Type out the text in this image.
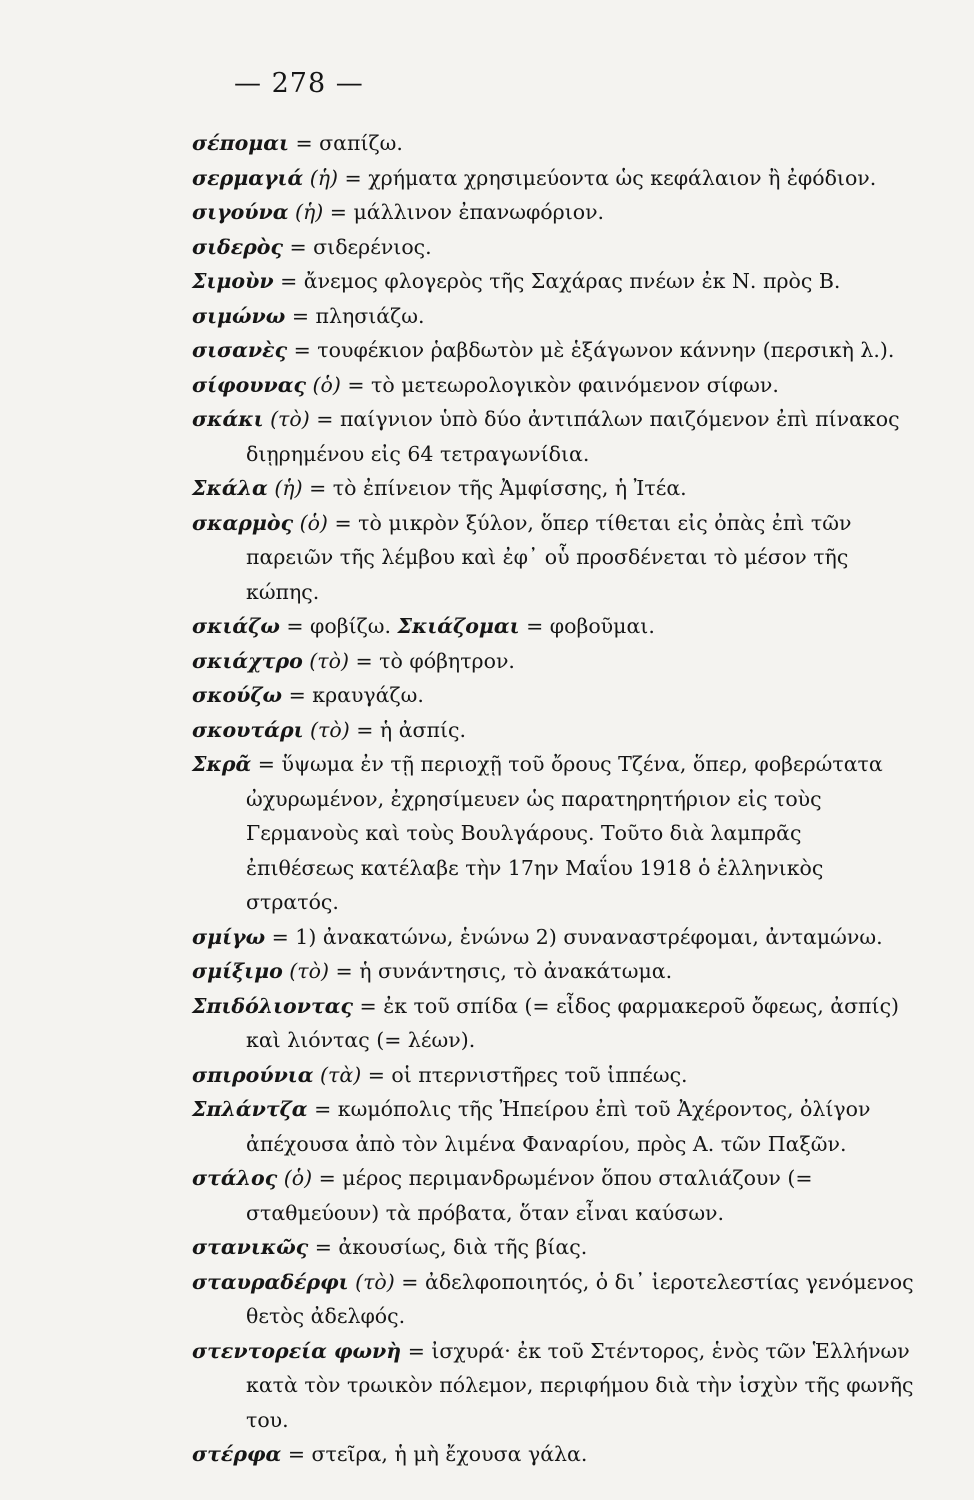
— 278 —
σέπομαι = σαπίζω.
σερμαγιά (ἡ) = χρήματα χρησιμεύοντα ὡς κεφάλαιον ἢ ἐφόδιον.
σιγούνα (ἡ) = μάλλινον ἐπανωφόριον.
σιδερὸς = σιδερένιος.
Σιμοὺν = ἄνεμος φλογερὸς τῆς Σαχάρας πνέων ἐκ Ν. πρὸς Β.
σιμώνω = πλησιάζω.
σισανὲς = τουφέκιον ῥαβδωτὸν μὲ ἑξάγωνον κάννην (περσικὴ λ.).
σίφουνας (ὁ) = τὸ μετεωρολογικὸν φαινόμενον σίφων.
σκάκι (τὸ) = παίγνιον ὑπὸ δύο ἀντιπάλων παιζόμενον ἐπὶ πίνακος διῃρημένου εἰς 64 τετραγωνίδια.
Σκάλα (ἡ) = τὸ ἐπίνειον τῆς Ἀμφίσσης, ἡ Ἰτέα.
σκαρμὸς (ὁ) = τὸ μικρὸν ξύλον, ὅπερ τίθεται εἰς ὀπὰς ἐπὶ τῶν παρειῶν τῆς λέμβου καὶ ἐφ᾽ οὗ προσδένεται τὸ μέσον τῆς κώπης.
σκιάζω = φοβίζω. Σκιάζομαι = φοβοῦμαι.
σκιάχτρο (τὸ) = τὸ φόβητρον.
σκούζω = κραυγάζω.
σκουτάρι (τὸ) = ἡ ἀσπίς.
Σκρᾶ = ὕψωμα ἐν τῇ περιοχῇ τοῦ ὄρους Τζένα, ὅπερ, φοβερώτατα ὠχυρωμένον, ἐχρησίμευεν ὡς παρατηρητήριον εἰς τοὺς Γερμανοὺς καὶ τοὺς Βουλγάρους. Τοῦτο διὰ λαμπρᾶς ἐπιθέσεως κατέλαβε τὴν 17ην Μαΐου 1918 ὁ ἑλληνικὸς στρατός.
σμίγω = 1) ἀνακατώνω, ἑνώνω 2) συναναστρέφομαι, ἀνταμώνω.
σμίξιμο (τὸ) = ἡ συνάντησις, τὸ ἀνακάτωμα.
Σπιδόλιοντας = ἐκ τοῦ σπίδα (= εἶδος φαρμακεροῦ ὄφεως, ἀσπίς) καὶ λιόντας (= λέων).
σπιρούνια (τὰ) = οἱ πτερνιστῆρες τοῦ ἱππέως.
Σπλάντζα = κωμόπολις τῆς Ἠπείρου ἐπὶ τοῦ Ἀχέροντος, ὀλίγον ἀπέχουσα ἀπὸ τὸν λιμένα Φαναρίου, πρὸς Α. τῶν Παξῶν.
στάλος (ὁ) = μέρος περιμανδρωμένον ὅπου σταλιάζουν (= σταθμεύουν) τὰ πρόβατα, ὅταν εἶναι καύσων.
στανικῶς = ἀκουσίως, διὰ τῆς βίας.
σταυραδέρφι (τὸ) = ἀδελφοποιητός, ὁ δι᾽ ἱεροτελεστίας γενόμενος θετὸς ἀδελφός.
στεντορεία φωνὴ = ἰσχυρά· ἐκ τοῦ Στέντορος, ἑνὸς τῶν Ἑλλήνων κατὰ τὸν τρωικὸν πόλεμον, περιφήμου διὰ τὴν ἰσχὺν τῆς φωνῆς του.
στέρφα = στεῖρα, ἡ μὴ ἔχουσα γάλα.
